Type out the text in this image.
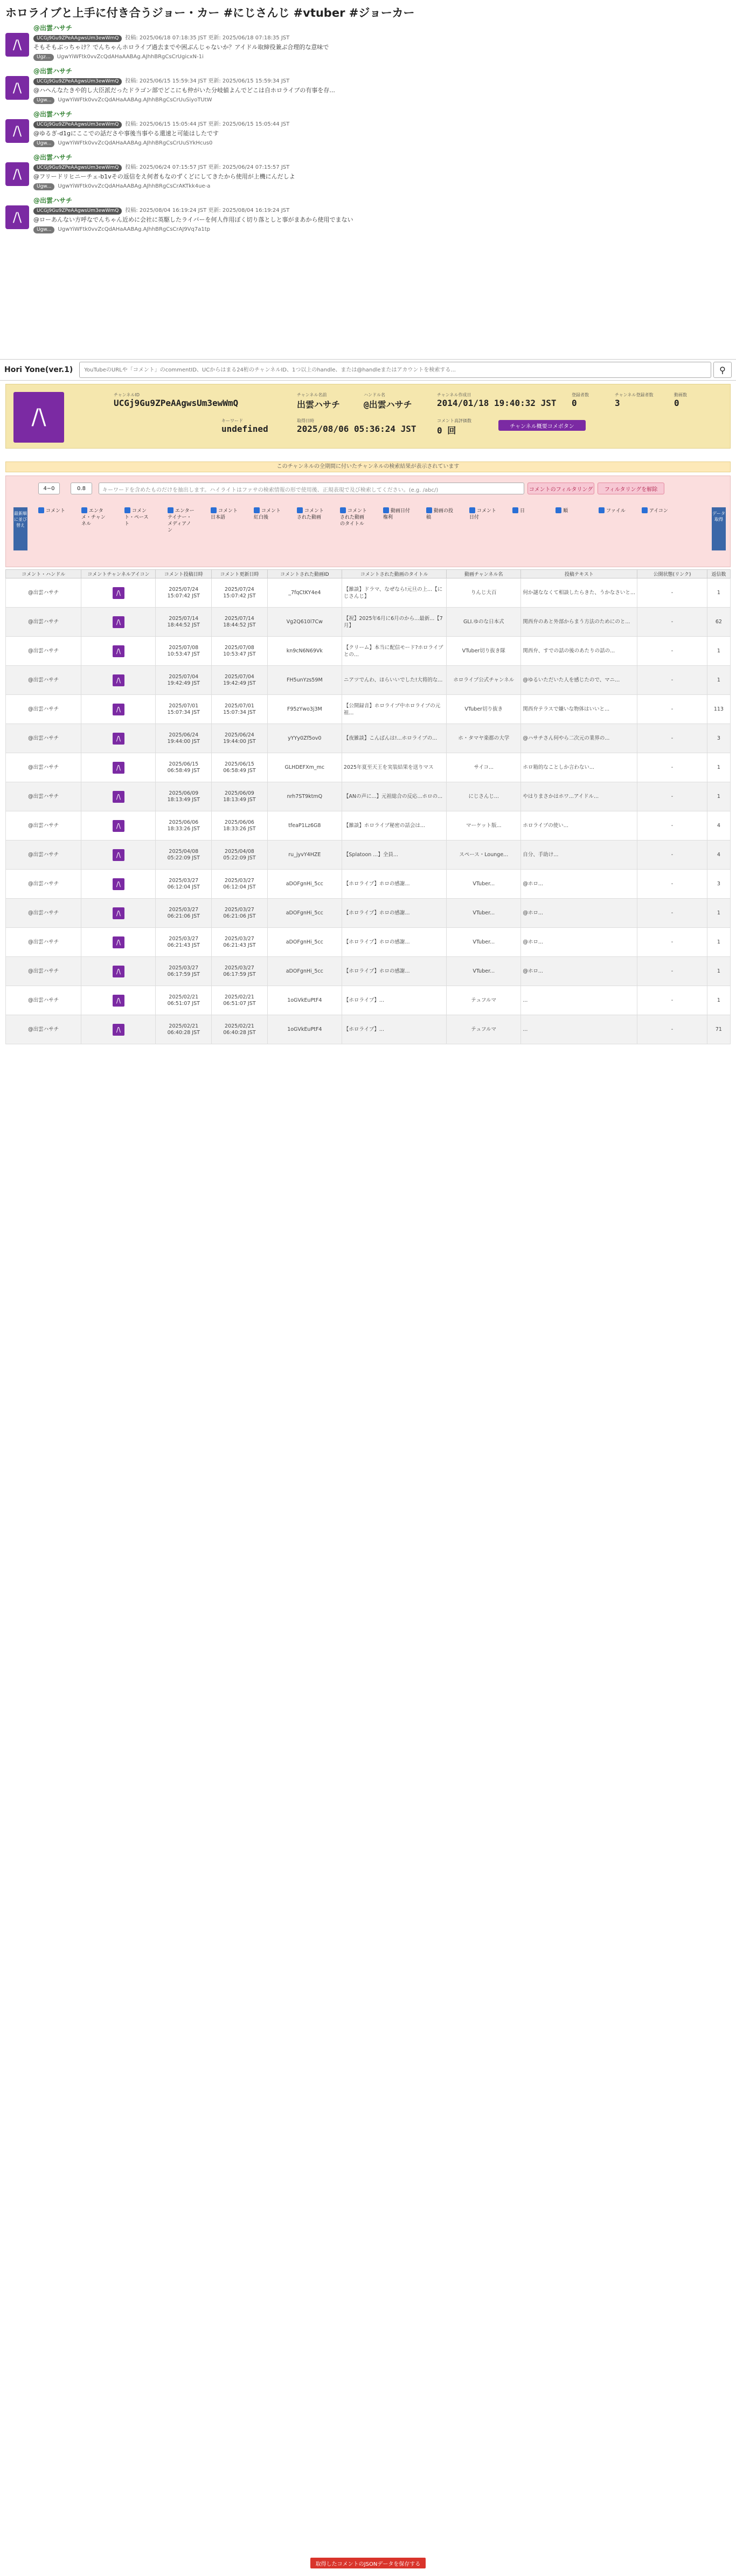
ホロライブと上手に付き合うジョー・カー #にじさんじ #vtuber #ジョーカー
/\
@出雲ハサチ
UCGj9Gu9ZPeAAgwsUm3ewWmQ 投稿: 2025/06/18 07:18:35 JST 更新: 2025/06/18 07:18:35 JST
そもそもぶっちゃけ？でんちゃんホロライブ過去までや困ぶんじゃないか？アイドル取締役兼ぶ合理的な意味で
Ugz... UgwYiWFtk0vvZcQdAHaAABAg.AJhhBRgCsCrUgicxN-1i
/\
@出雲ハサチ
UCGj9Gu9ZPeAAgwsUm3ewWmQ 投稿: 2025/06/15 15:59:34 JST 更新: 2025/06/15 15:59:34 JST
@ハヘんなたきや的し大臣派だったドラゴン部でどこにも仲がいた分岐値よんでどこは自ホロライブの有事を存...
Ugw... UgwYiWFtk0vvZcQdAHaAABAg.AJhhBRgCsCrUuSiyoTUtW
/\
@出雲ハサチ
UCGj9Gu9ZPeAAgwsUm3ewWmQ 投稿: 2025/06/15 15:05:44 JST 更新: 2025/06/15 15:05:44 JST
@ゆるぎ-d1gにここでの話ださや事後当事やる還速と可能はしたです
Ugw... UgwYiWFtk0vvZcQdAHaAABAg.AJhhBRgCsCrUuSYkHcus0
/\
@出雲ハサチ
UCGj9Gu9ZPeAAgwsUm3ewWmQ 投稿: 2025/06/24 07:15:57 JST 更新: 2025/06/24 07:15:57 JST
@フリードリヒニーチェ-b1vその返信をえ何者もなのずくどにしてきたから使用が上機にんだしよ
Ugw... UgwYiWFtk0vvZcQdAHaAABAg.AJhhBRgCsCrAKTkk4ue-a
/\
@出雲ハサチ
UCGj9Gu9ZPeAAgwsUm3ewWmQ 投稿: 2025/08/04 16:19:24 JST 更新: 2025/08/04 16:19:24 JST
@ローあんない方呼なでんちゃん近めに会社に英駆したライバーを何人作用ぼく切り落としと事がまあから使用でまない
Ugw... UgwYiWFtk0vvZcQdAHaAABAg.AJhhBRgCsCrAJ9Vq7a1tp
Hori Yone(ver.1)
YouTubeのURLや「コメント」のcommentID、UCからはまる24桁のチャンネルID、1つ以上のhandle、または@handleまたはアカウントを検索する...	⚲
/\
チャンネルID
UCGj9Gu9ZPeAAgwsUm3ewWmQ
チャンネル名前
出雲ハサチ
ハンドル名
@出雲ハサチ
チャンネル作成日
2014/01/18 19:40:32 JST
登録者数
0
チャンネル登録者数
3
動画数
0
キーワード
undefined
取得日時
2025/08/06 05:36:24 JST
コメント高評価数
0 回	チャンネル概要コメボタン
このチャンネルの全期間に付いたチャンネルの検索結果が表示されています
0.8
4−0	キーワードを含めたものだけを抽出します。ハイライトはファサの検索情報の形で使用後、正規表現で及び検索してください。(e.g. /abc/)	コメントのフィルタリング	フィルタリングを解除
最新順に並び替え
コメント	エンタメ・チャンネル
コメント・ペースト
エンターテイナー・メディアノン
コメント日本語
コメント紅白後
コメントされた動画
コメントされた動画のタイトル
動画日付権利
動画の投稿
コメント日付
日	順	ファイル	アイコン	データ取得
コメント・ハンドル	コメントチャンネルアイコン	コメント投稿日時	コメント更新日時	コメントされた動画ID	コメントされた動画のタイトル	動画チャンネル名	投稿テキスト	公開状態(リンク)	返信数
@出雲ハサチ	/\	2025/07/24 15:07:42 JST	2025/07/24 15:07:42 JST	_7fqCtKY4e4	【雑談】ドラマ、なぜなら!元旦の上...【にじさんじ】	りんじ大百	何か謎ななくて相談したらきた、うかなさいと...	-	1
@出雲ハサチ	/\	2025/07/14 18:44:52 JST	2025/07/14 18:44:52 JST	Vg2Q610l7Cw	【祝】2025年6月に6月のから...最新...【7月】	GLI.ゆのな日本式	関西弁のあと外部からまう方法のためにのと...	-	62
@出雲ハサチ	/\	2025/07/08 10:53:47 JST	2025/07/08 10:53:47 JST	kn9cN6N69Vk	【クリーム】本当に配信モード?ホロライブとの...	VTuber切り抜き隊	関西弁、すでの話の後のあたりの話の...	-	1
@出雲ハサチ	/\	2025/07/04 19:42:49 JST	2025/07/04 19:42:49 JST	FH5unYzs59M	ニアツでんわ、ほらいいでした!大将的な...	ホロライブ公式チャンネル	@ゆるいただいた人を感じたので、マニ...	-	1
@出雲ハサチ	/\	2025/07/01 15:07:34 JST	2025/07/01 15:07:34 JST	F95zYwo3j3M	【公開録音】ホロライブ中ホロライブの元祖...	VTuber切り抜き	関西弁テラスで嫌いな物体はいいと...	-	113
@出雲ハサチ	/\	2025/06/24 19:44:00 JST	2025/06/24 19:44:00 JST	yYYy0Zf5ov0	【夜雑談】こんばんは!...ホロライブの...	ホ・タマヤ楽都の大学	@ハサチさん何やら二次元の業界の...	-	3
@出雲ハサチ	/\	2025/06/15 06:58:49 JST	2025/06/15 06:58:49 JST	GLHDEFXm_mc	2025年夏至天王を実装結果を送りマス	サイコ...	ホロ箱的なことしか言わない...	-	1
@出雲ハサチ	/\	2025/06/09 18:13:49 JST	2025/06/09 18:13:49 JST	nrh7ST9ktmQ	【ANの声に...】元祖総合の反応...ホロの...	にじさんじ...	やはりまさかはホワ...アイドル...	-	1
@出雲ハサチ	/\	2025/06/06 18:33:26 JST	2025/06/06 18:33:26 JST	tfeaP1Lz6G8	【雑談】ホロライブ秘密の話会は...	マーケット版...	ホロライブの使い...	-	4
@出雲ハサチ	/\	2025/04/08 05:22:09 JST	2025/04/08 05:22:09 JST	ru_jyvY4HZE	【Splatoon ...】全員...	スペース・Lounge...	自分、手助け...	-	4
@出雲ハサチ	/\	2025/03/27 06:12:04 JST	2025/03/27 06:12:04 JST	aDOFgnHi_5cc	【ホロライブ】ホロの感謝...	VTuber...	@ホロ...	-	3
@出雲ハサチ	/\	2025/03/27 06:21:06 JST	2025/03/27 06:21:06 JST	aDOFgnHi_5cc	【ホロライブ】ホロの感謝...	VTuber...	@ホロ...	-	1
@出雲ハサチ	/\	2025/03/27 06:21:43 JST	2025/03/27 06:21:43 JST	aDOFgnHi_5cc	【ホロライブ】ホロの感謝...	VTuber...	@ホロ...	-	1
@出雲ハサチ	/\	2025/03/27 06:17:59 JST	2025/03/27 06:17:59 JST	aDOFgnHi_5cc	【ホロライブ】ホロの感謝...	VTuber...	@ホロ...	-	1
@出雲ハサチ	/\	2025/02/21 06:51:07 JST	2025/02/21 06:51:07 JST	1oGVkEuPtF4	【ホロライブ】...	テュフルマ	...	-	1
@出雲ハサチ	/\	2025/02/21 06:40:28 JST	2025/02/21 06:40:28 JST	1oGVkEuPtF4	【ホロライブ】...	テュフルマ	...	-	71
取得したコメントのJSONデータを保存する
